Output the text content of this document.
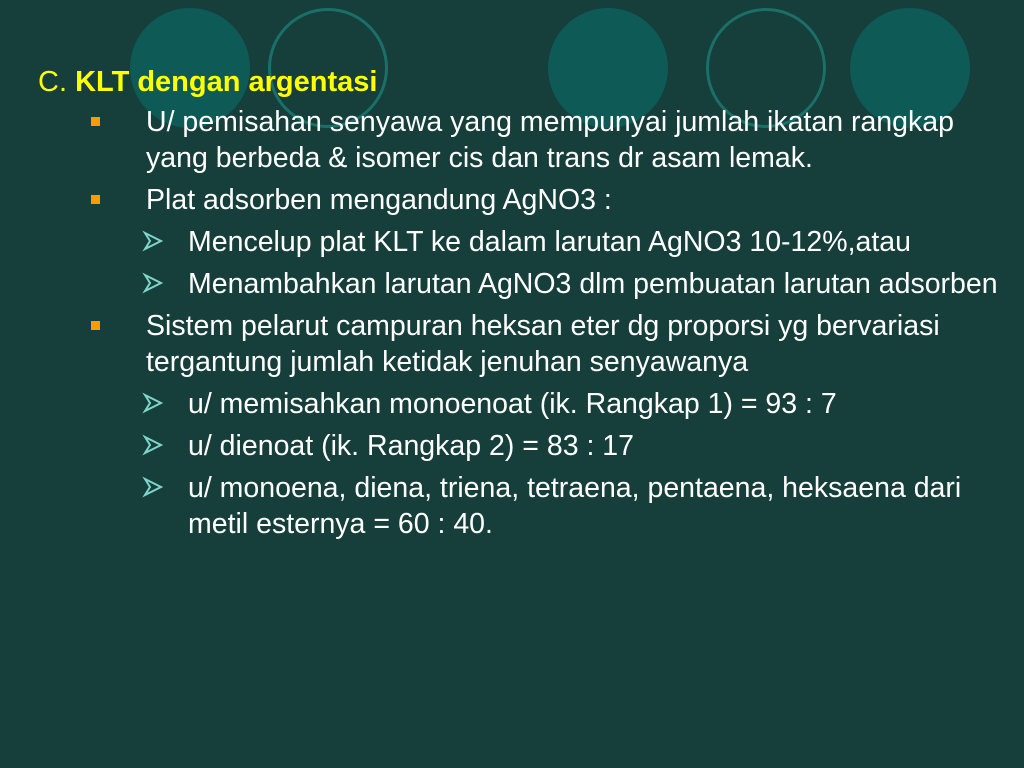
C. KLT dengan argentasi
U/ pemisahan senyawa yang mempunyai jumlah ikatan rangkap yang berbeda & isomer cis dan trans dr asam lemak.
Plat adsorben mengandung AgNO3 :
Mencelup plat KLT ke dalam larutan AgNO3 10-12%,atau
Menambahkan larutan AgNO3 dlm pembuatan larutan adsorben
Sistem pelarut campuran heksan eter dg proporsi yg bervariasi tergantung jumlah ketidak jenuhan senyawanya
u/ memisahkan monoenoat (ik. Rangkap 1) = 93 : 7
u/ dienoat (ik. Rangkap 2) = 83 : 17
u/ monoena, diena, triena, tetraena, pentaena, heksaena dari metil esternya = 60 : 40.
